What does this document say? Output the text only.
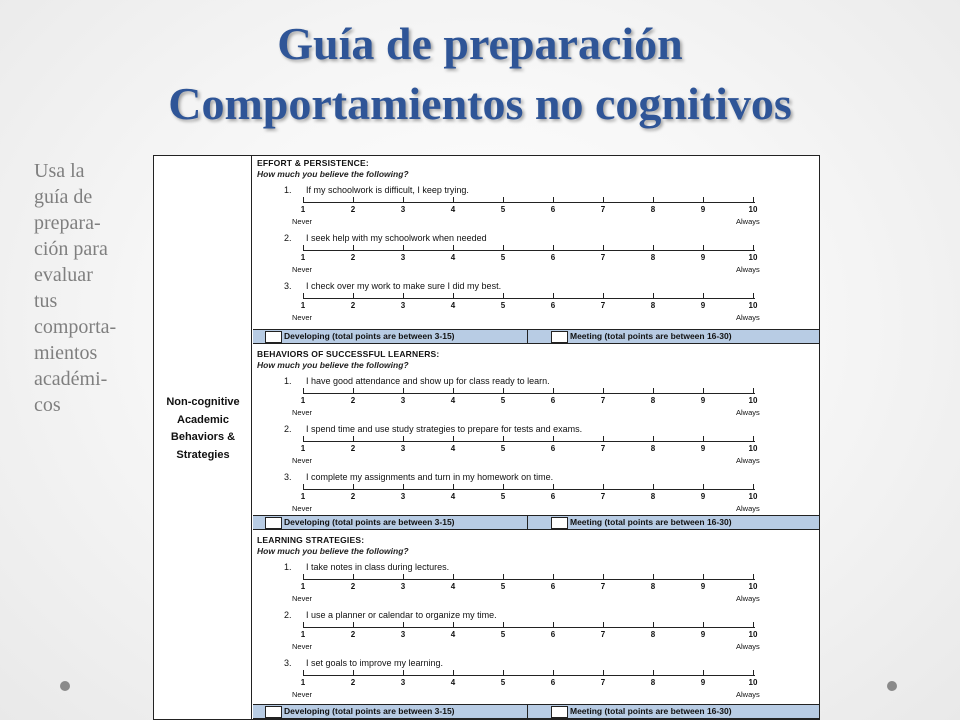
Guía de preparación
Comportamientos no cognitivos
Usa la
guía de
prepara-
ción para
evaluar
tus
comporta-
mientos
académi-
cos	Non-cognitive Academic Behaviors & Strategies
EFFORT & PERSISTENCE:
How much you believe the following?
1. If my schoolwork is difficult, I keep trying.
1	2	3	4	5	6	7	8	9	10
Never	Always
2. I seek help with my schoolwork when needed
1	2	3	4	5	6	7	8	9	10
Never	Always
3. I check over my work to make sure I did my best.
1	2	3	4	5	6	7	8	9	10
Never	Always
Developing (total points are between 3-15)	Meeting (total points are between 16-30)
BEHAVIORS OF SUCCESSFUL LEARNERS:
How much you believe the following?
1. I have good attendance and show up for class ready to learn.
1	2	3	4	5	6	7	8	9	10
Never	Always
2. I spend time and use study strategies to prepare for tests and exams.
1	2	3	4	5	6	7	8	9	10
Never	Always
3. I complete my assignments and turn in my homework on time.
1	2	3	4	5	6	7	8	9	10
Never	Always
Developing (total points are between 3-15)	Meeting (total points are between 16-30)
LEARNING STRATEGIES:
How much you believe the following?
1. I take notes in class during lectures.
1	2	3	4	5	6	7	8	9	10
Never	Always
2. I use a planner or calendar to organize my time.
1	2	3	4	5	6	7	8	9	10
Never	Always
3. I set goals to improve my learning.
1	2	3	4	5	6	7	8	9	10
Never	Always
Developing (total points are between 3-15)	Meeting (total points are between 16-30)
